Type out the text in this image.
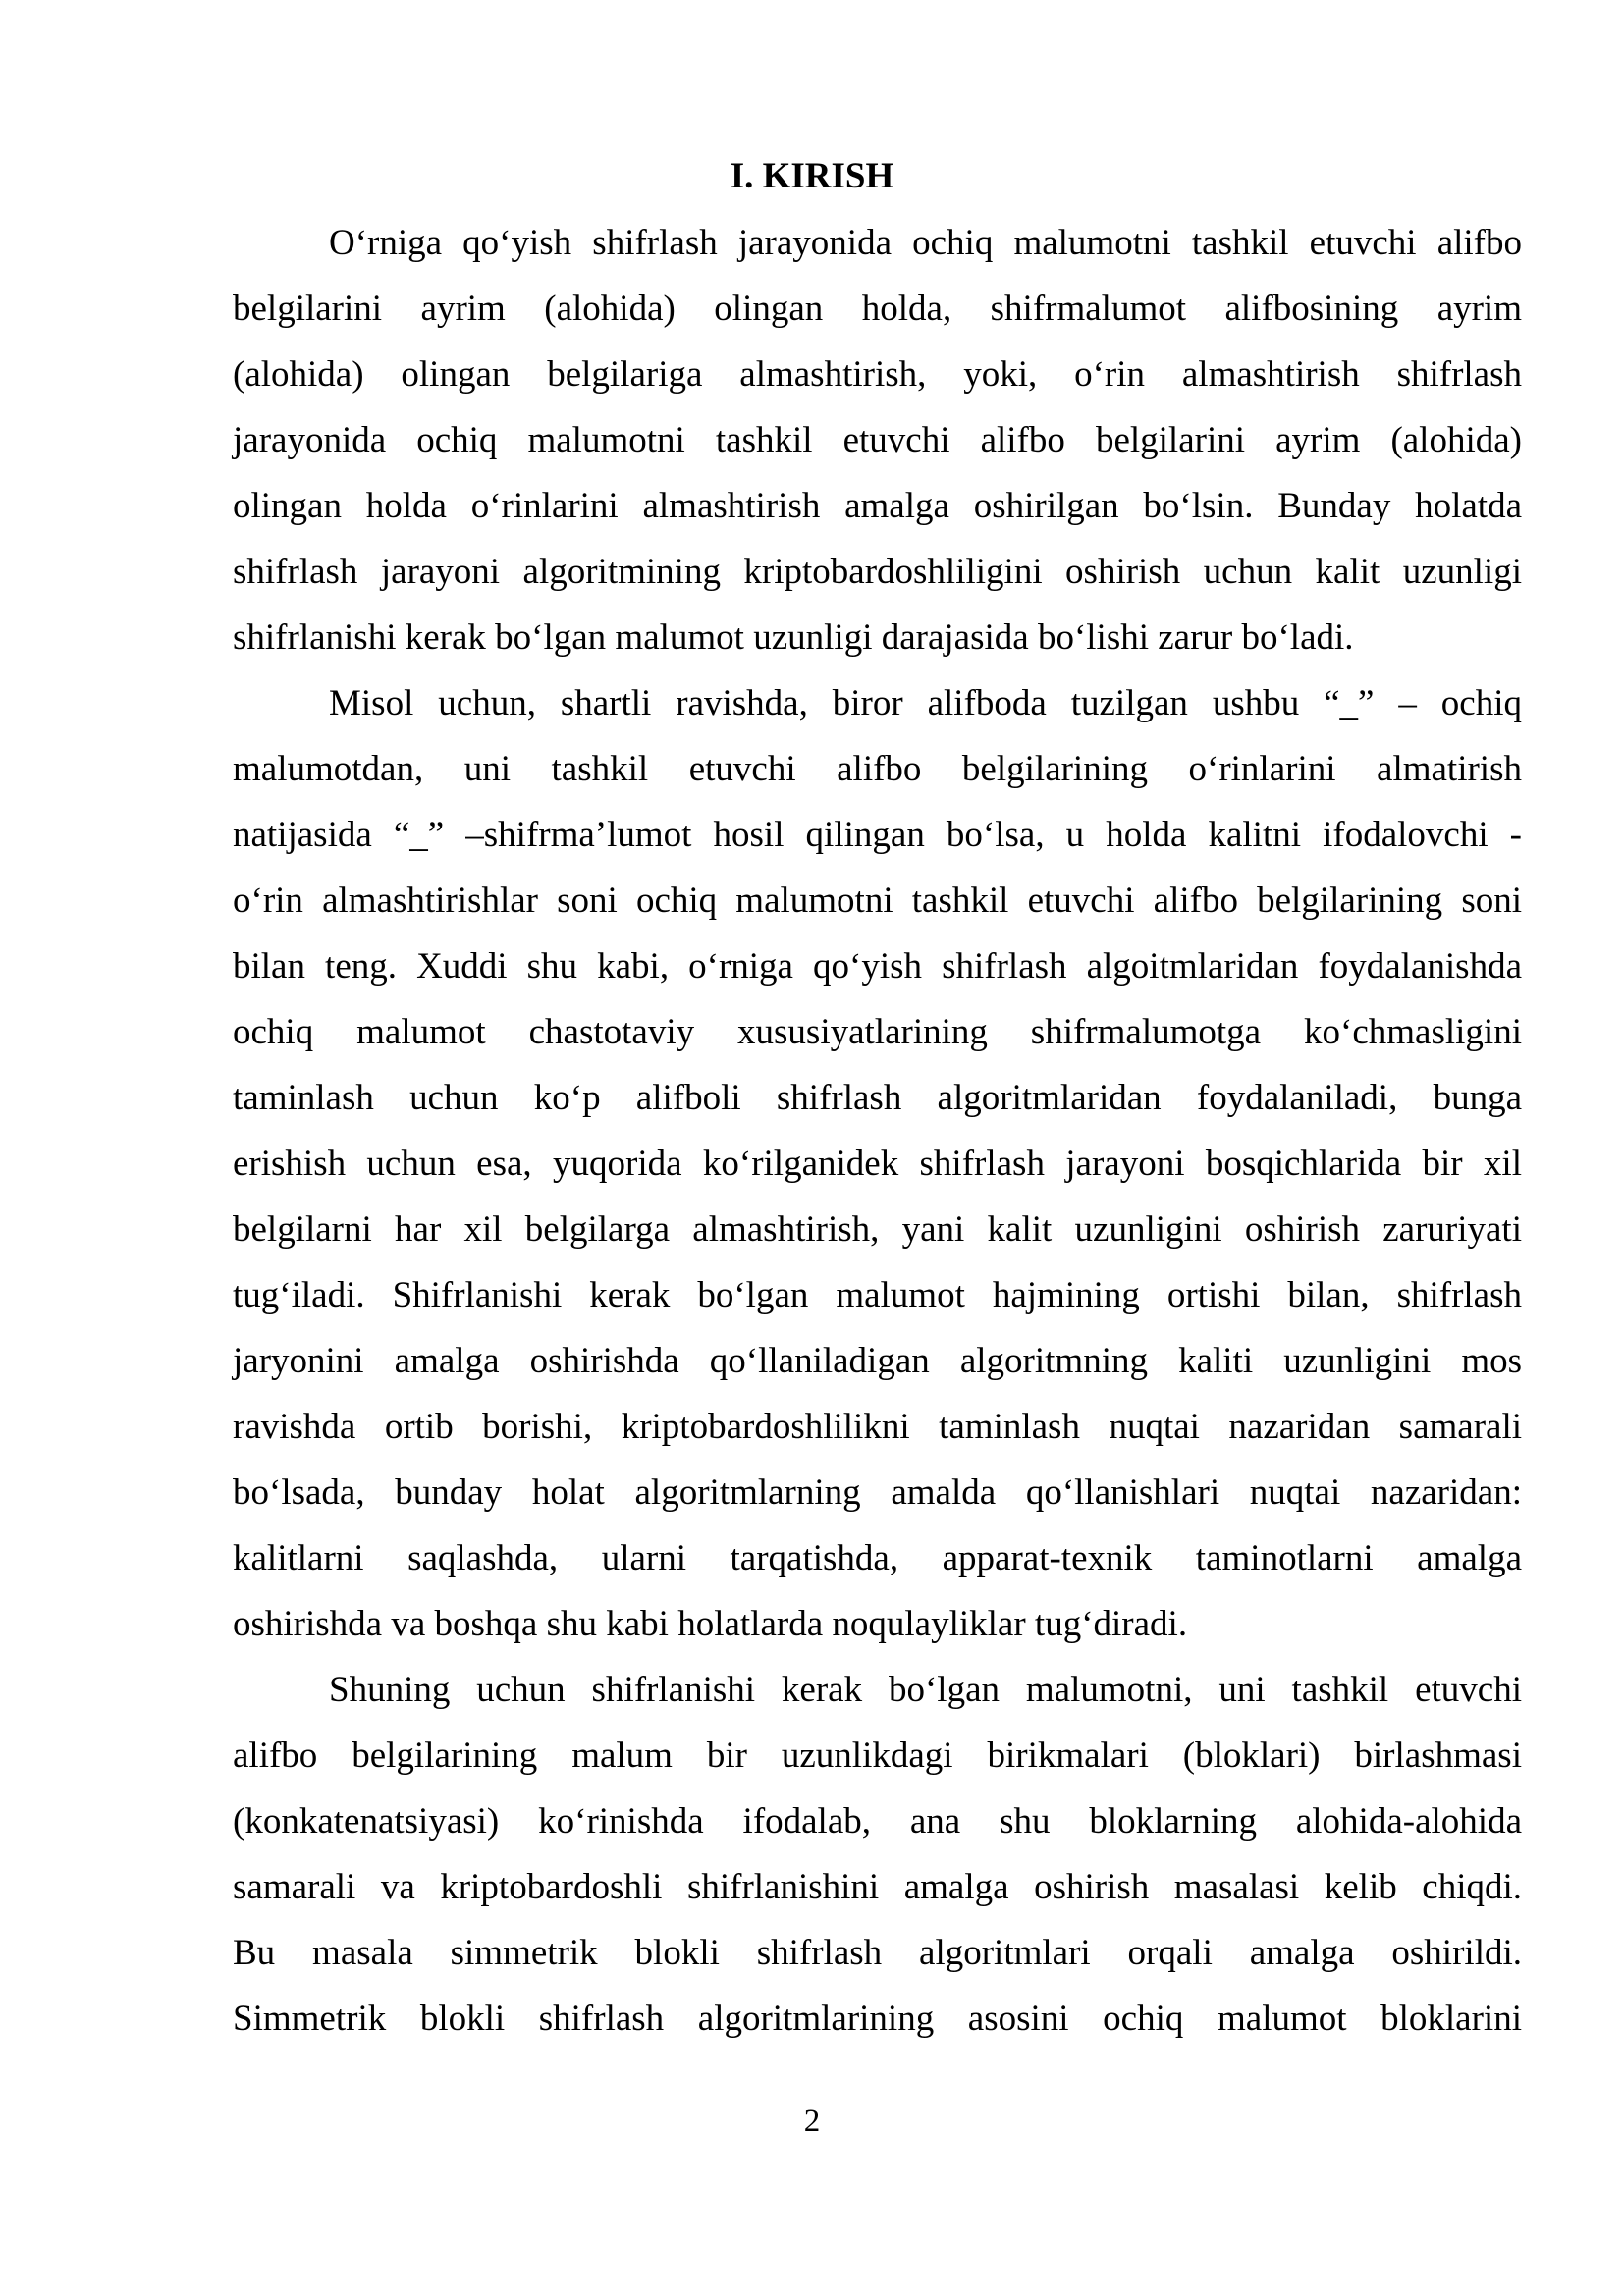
I. KIRISH
O‘rniga qo‘yish shifrlash jarayonida ochiq malumotni tashkil etuvchi alifbo
belgilarini ayrim (alohida) olingan holda, shifrmalumot alifbosining ayrim
(alohida) olingan belgilariga almashtirish, yoki, o‘rin almashtirish shifrlash
jarayonida ochiq malumotni tashkil etuvchi alifbo belgilarini ayrim (alohida)
olingan holda o‘rinlarini almashtirish amalga oshirilgan bo‘lsin. Bunday holatda
shifrlash jarayoni algoritmining kriptobardoshliligini oshirish uchun kalit uzunligi
shifrlanishi kerak bo‘lgan malumot uzunligi darajasida bo‘lishi zarur bo‘ladi.
Misol uchun, shartli ravishda, biror alifboda tuzilgan ushbu “_” – ochiq
malumotdan, uni tashkil etuvchi alifbo belgilarining o‘rinlarini almatirish
natijasida “_” –shifrma’lumot hosil qilingan bo‘lsa, u holda kalitni ifodalovchi -
o‘rin almashtirishlar soni ochiq malumotni tashkil etuvchi alifbo belgilarining soni
bilan teng. Xuddi shu kabi, o‘rniga qo‘yish shifrlash algoitmlaridan foydalanishda
ochiq malumot chastotaviy xususiyatlarining shifrmalumotga ko‘chmasligini
taminlash uchun ko‘p alifboli shifrlash algoritmlaridan foydalaniladi, bunga
erishish uchun esa, yuqorida ko‘rilganidek shifrlash jarayoni bosqichlarida bir xil
belgilarni har xil belgilarga almashtirish, yani kalit uzunligini oshirish zaruriyati
tug‘iladi. Shifrlanishi kerak bo‘lgan malumot hajmining ortishi bilan, shifrlash
jaryonini amalga oshirishda qo‘llaniladigan algoritmning kaliti uzunligini mos
ravishda ortib borishi, kriptobardoshlilikni taminlash nuqtai nazaridan samarali
bo‘lsada, bunday holat algoritmlarning amalda qo‘llanishlari nuqtai nazaridan:
kalitlarni saqlashda, ularni tarqatishda, apparat-texnik taminotlarni amalga
oshirishda va boshqa shu kabi holatlarda noqulayliklar tug‘diradi.
Shuning uchun shifrlanishi kerak bo‘lgan malumotni, uni tashkil etuvchi
alifbo belgilarining malum bir uzunlikdagi birikmalari (bloklari) birlashmasi
(konkatenatsiyasi) ko‘rinishda ifodalab, ana shu bloklarning alohida-alohida
samarali va kriptobardoshli shifrlanishini amalga oshirish masalasi kelib chiqdi.
Bu masala simmetrik blokli shifrlash algoritmlari orqali amalga oshirildi.
Simmetrik blokli shifrlash algoritmlarining asosini ochiq malumot bloklarini
2
